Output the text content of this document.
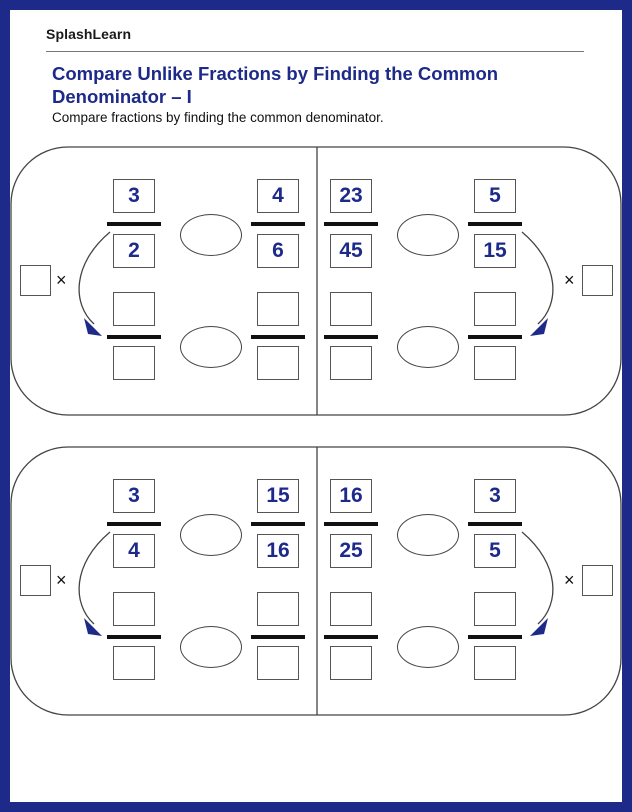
SplashLearn
Compare Unlike Fractions by Finding the Common Denominator – I
Compare fractions by finding the common denominator.
×
3
2
4
6
23
45
5
15
×
×
3
4
15
16
16
25
3
5
×
